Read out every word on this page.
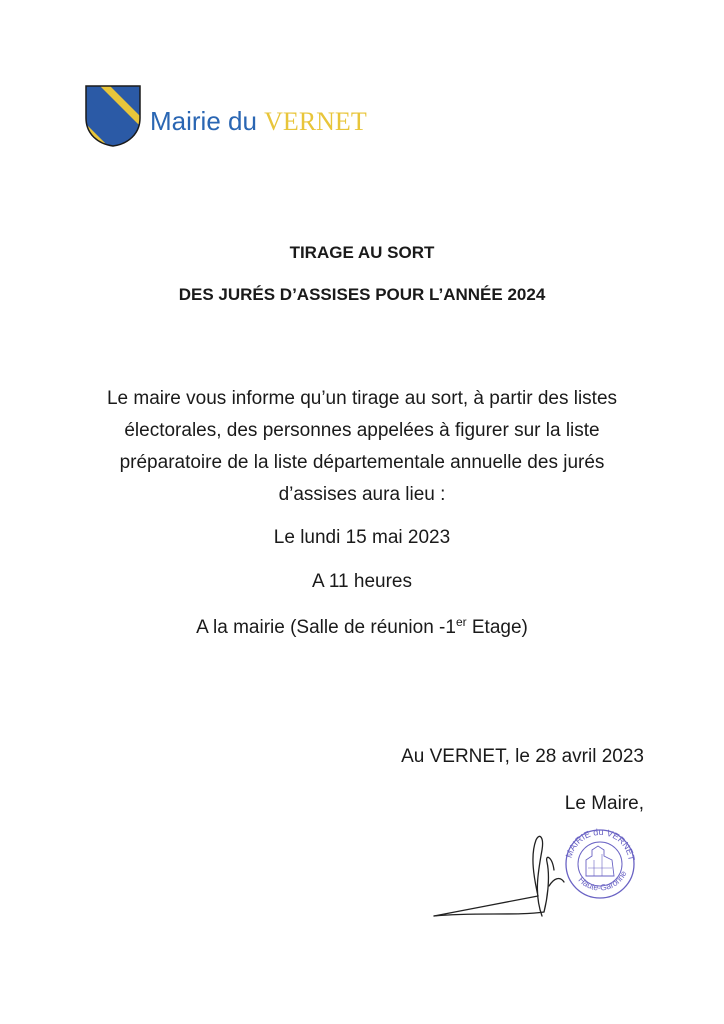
Mairie du VERNET
TIRAGE AU SORT
DES JURÉS D’ASSISES POUR L’ANNÉE 2024
Le maire vous informe qu’un tirage au sort, à partir des listes électorales, des personnes appelées à figurer sur la liste préparatoire de la liste départementale annuelle des jurés d’assises aura lieu :
Le lundi 15 mai 2023
A 11 heures
A la mairie (Salle de réunion -1er Etage)
Au VERNET, le 28 avril 2023
Le Maire,
MAIRIE du VERNET
Haute-Garonne
